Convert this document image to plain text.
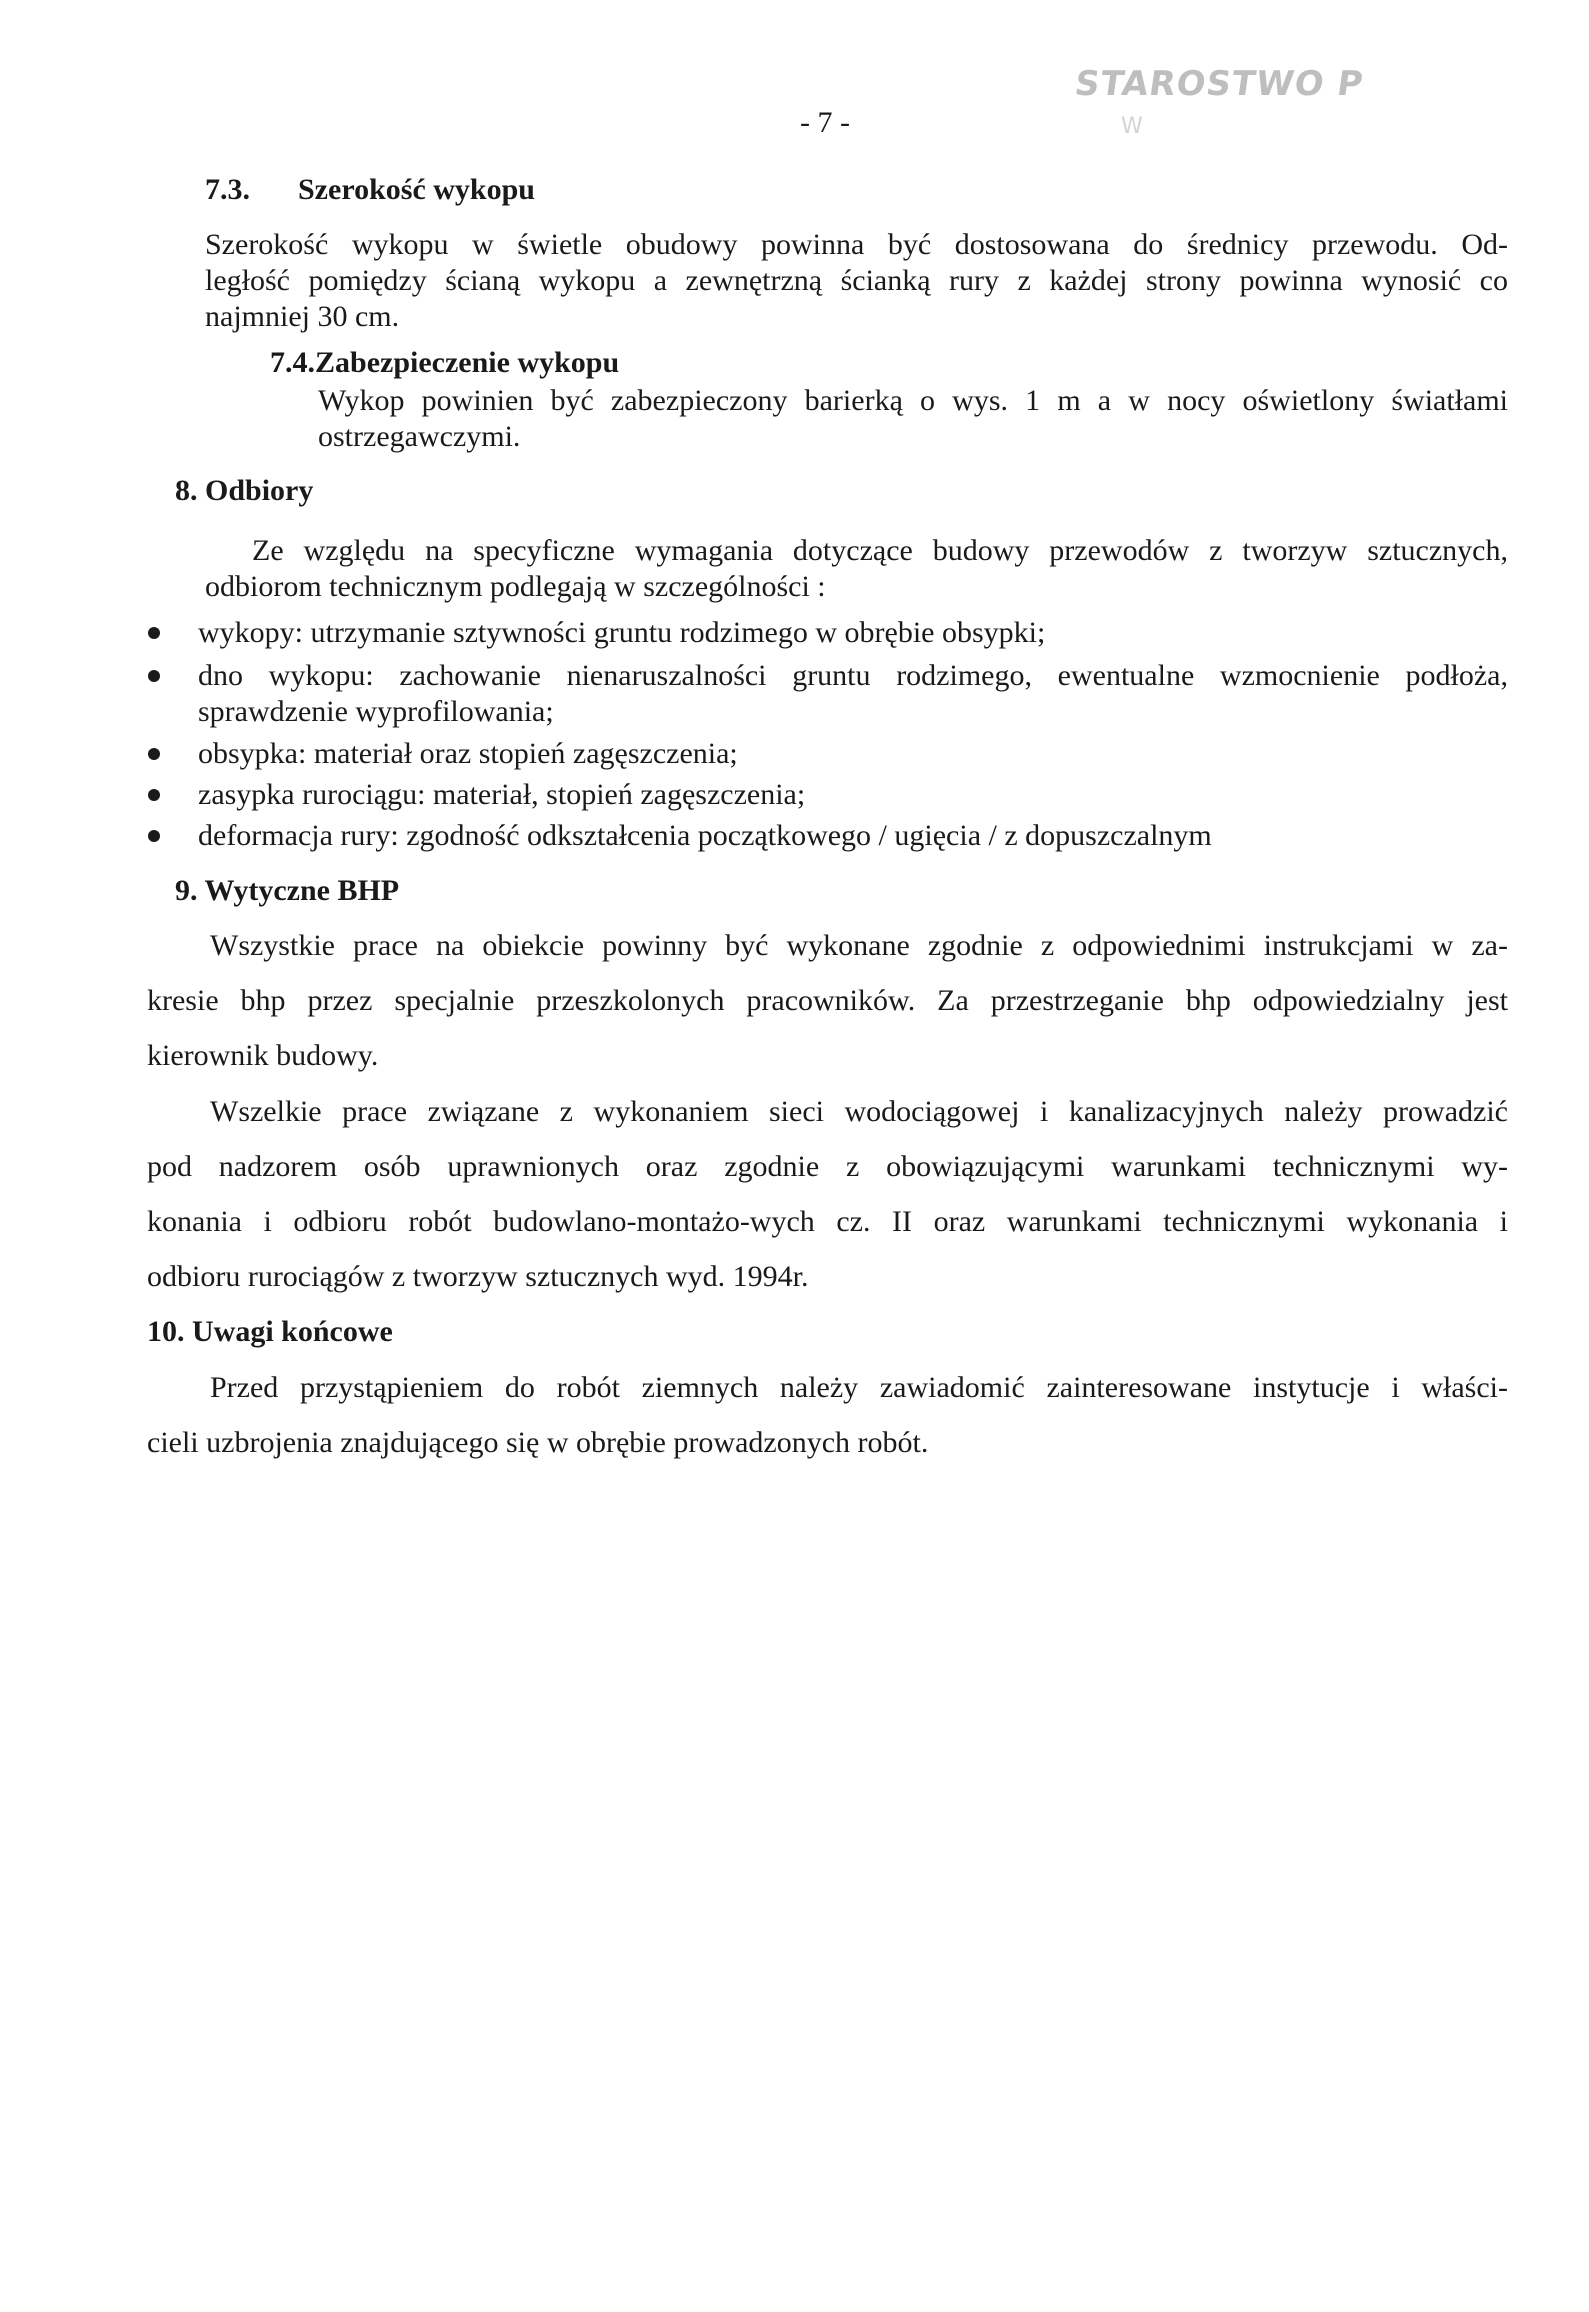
- 7 -
STAROSTWO P
W
7.3. Szerokość wykopu
Szerokość wykopu w świetle obudowy powinna być dostosowana do średnicy przewodu. Od-
ległość pomiędzy ścianą wykopu a zewnętrzną ścianką rury z każdej strony powinna wynosić co
najmniej 30 cm.
7.4.Zabezpieczenie wykopu
Wykop powinien być zabezpieczony barierką o wys. 1 m a w nocy oświetlony światłami
ostrzegawczymi.
8. Odbiory
Ze względu na specyficzne wymagania dotyczące budowy przewodów z tworzyw sztucznych,
odbiorom technicznym podlegają w szczególności :
wykopy: utrzymanie sztywności gruntu rodzimego w obrębie obsypki;
dno wykopu: zachowanie nienaruszalności gruntu rodzimego, ewentualne wzmocnienie podłoża,
sprawdzenie wyprofilowania;
obsypka: materiał oraz stopień zagęszczenia;
zasypka rurociągu: materiał, stopień zagęszczenia;
deformacja rury: zgodność odkształcenia początkowego / ugięcia / z dopuszczalnym
9. Wytyczne BHP
Wszystkie prace na obiekcie powinny być wykonane zgodnie z odpowiednimi instrukcjami w za-
kresie bhp przez specjalnie przeszkolonych pracowników. Za przestrzeganie bhp odpowiedzialny jest
kierownik budowy.
Wszelkie prace związane z wykonaniem sieci wodociągowej i kanalizacyjnych należy prowadzić
pod nadzorem osób uprawnionych oraz zgodnie z obowiązującymi warunkami technicznymi wy-
konania i odbioru robót budowlano-montażo-wych cz. II oraz warunkami technicznymi wykonania i
odbioru rurociągów z tworzyw sztucznych wyd. 1994r.
10. Uwagi końcowe
Przed przystąpieniem do robót ziemnych należy zawiadomić zainteresowane instytucje i właści-
cieli uzbrojenia znajdującego się w obrębie prowadzonych robót.
